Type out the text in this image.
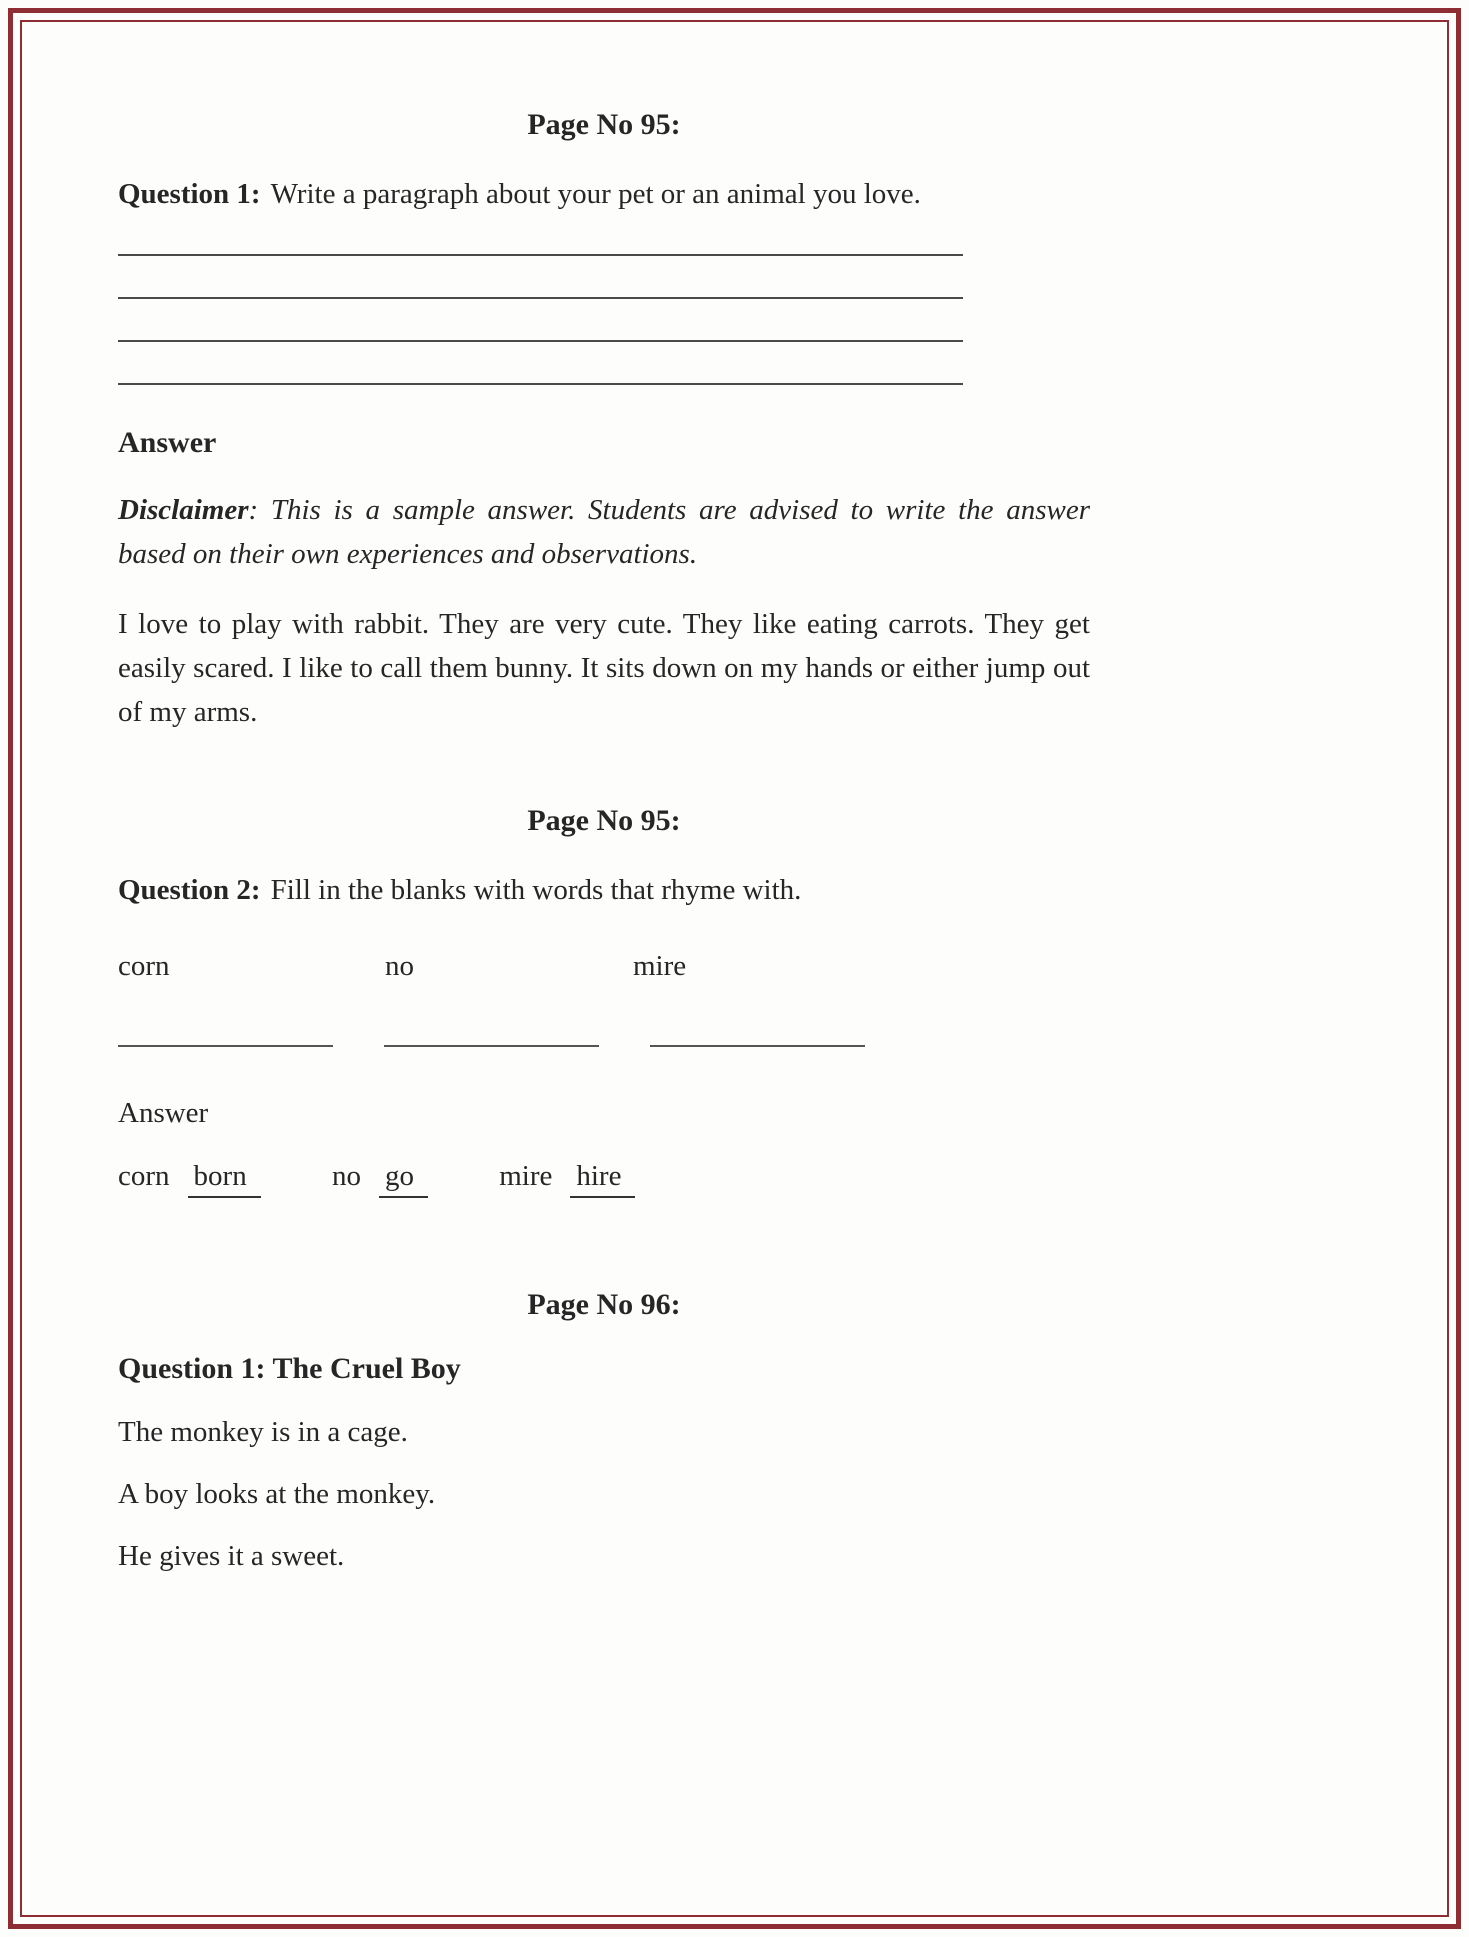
Page No 95:

Question 1: Write a paragraph about your pet or an animal you love.

Answer

Disclaimer: This is a sample answer. Students are advised to write the answer based on their own experiences and observations.

I love to play with rabbit. They are very cute. They like eating carrots. They get easily scared. I like to call them bunny. It sits down on my hands or either jump out of my arms.

Page No 95:

Question 2: Fill in the blanks with words that rhyme with.

corn	no	mire

Answer
corn born	no go	mire hire
Page No 96:
Question 1: The Cruel Boy

The monkey is in a cage.

A boy looks at the monkey.

He gives it a sweet.
